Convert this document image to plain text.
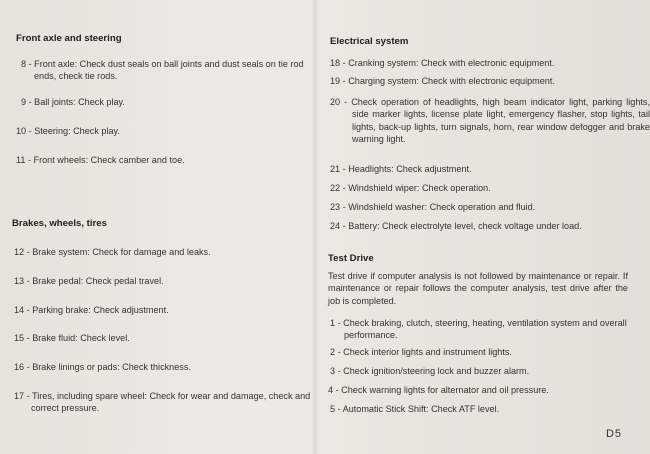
Front axle and steering
8 - Front axle: Check dust seals on ball joints and dust seals on tie rod ends, check tie rods.
9 - Ball joints: Check play.
10 - Steering: Check play.
11 - Front wheels: Check camber and toe.
Brakes, wheels, tires
12 - Brake system: Check for damage and leaks.
13 - Brake pedal: Check pedal travel.
14 - Parking brake: Check adjustment.
15 - Brake fluid: Check level.
16 - Brake linings or pads: Check thickness.
17 - Tires, including spare wheel: Check for wear and damage, check and correct pressure.
Electrical system
18 - Cranking system: Check with electronic equipment.
19 - Charging system: Check with electronic equipment.
20 - Check operation of headlights, high beam indicator light, parking lights, side marker lights, license plate light, emergency flasher, stop lights, tail lights, back-up lights, turn signals, horn, rear window defogger and brake warning light.
21 - Headlights: Check adjustment.
22 - Windshield wiper: Check operation.
23 - Windshield washer: Check operation and fluid.
24 - Battery: Check electrolyte level, check voltage under load.
Test Drive
Test drive if computer analysis is not followed by maintenance or repair. If maintenance or repair follows the computer analysis, test drive after the job is completed.
1 - Check braking, clutch, steering, heating, ventilation system and overall performance.
2 - Check interior lights and instrument lights.
3 - Check ignition/steering lock and buzzer alarm.
4 - Check warning lights for alternator and oil pressure.
5 - Automatic Stick Shift: Check ATF level.
D5
